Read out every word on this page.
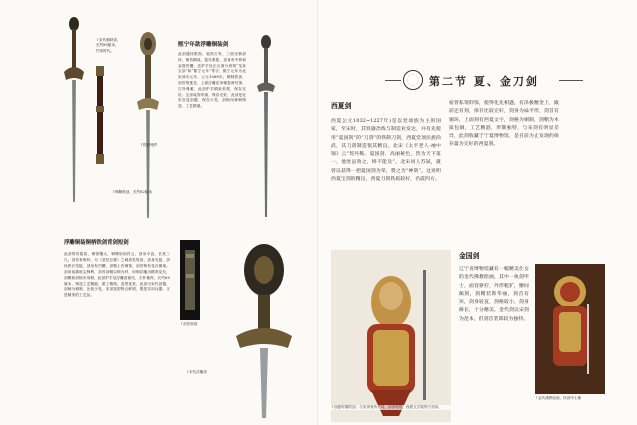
↑宋代铜铁剑，长约80厘米，约宋时代。
↑铁剑残件
熙宁年款浮雕铜装剑
此剑通体银饰，装饰古朴，三面光铜剑体，铜首精纯，铭纹系铭，剑身有中脊和双面凹槽，近护手处正反面分别刻“龙泉宝剑”和“熙宁元年”等字，熙宁元年为北宋神宗元年，公元1068年。铜制铁剑，剑首刻莲花，上面浮雕花草缠卷荷纹饰，古朴典雅，此剑护手精致美观，保存完好。宝剑装饰华丽，保存完好，此剑是北宋宫廷剑器，保存少见，剑柄用黄铜铸造，工艺精湛。
↑铜鞘铁剑，长约82厘米
浮雕铜装铜柄铁剑背剑短剑
此剑带有铭款，铜饰镶大，铜镡形如祥云，剑身平直，长其三尺。剑首有铜环，为《武经总要》之刺剑类短剑，剑身光挺，剑体狭长坚挺，剑身有凹槽，剑鞘上有铜饰，剑首铸有花卉图案。剑身前端收尖锋利，剑首剑鞘以铜为材，用铜浮雕出精美花纹，剑鞘和剑柄多用铜，此剑护手处浮雕兽面纹，古朴雄浑，长约60厘米，铸造工艺精湛，做工精细。造型优美，此剑为宋代剑器，剑柄为铜制，比较少见，宋剑造型特点鲜明，既是实用兵器，又是精美的工艺品。
↑剑首细部
↑宋代浮雕剑
第二节 夏、金刀剑
西夏剑
西夏公元1032~1227年)是以党项族为主的国家，至宋时，其铁器冶炼与制造业发达，并有先使用“夏国剑”的“刀剑”的铁制刀剑，西夏党项民族尚武，其刀剑制造很其精良，北宋《太平老人·袖中锦》云“契丹鞍、夏国剑、高丽秘色，皆为天下第一，他处虽效之，终不能及”。北宋词人苏轼，就曾以获得一把夏国剑为荣，赞之为“神剑”。这说明西夏宝剑的精良，西夏刀剑铁质较好，名震四方。
宿曾私谓仰惊，使得化先相遇，有泽极精金上，殿前还有刻，保存比较完好，剑身为扁平形，剑首有铜环，上面刻有西夏文字，剑格为铜制，剑鞘为木质包铜，工艺精湛，形制独特，与宋剑有明显差异，此剑收藏于宁夏博物馆，是目前为止发现的保存最为完好的西夏剑。
↑西夏时期的剑，与宋剑有所不同，剑身较短，西夏文字铭刻于剑身。
金国剑
辽宁省博物馆藏有一幅精美仕女的金代佛教绘画，其中一执剑甲士，面容狰狞，外形粗犷，腰间佩剑，剑鞘装饰华丽，剑首有环，剑身较直，剑格较小，剑身修长，十分精美。金代剑以宋剑为范本，但剑首装饰较为独特。
↑金代佛教绘画，执剑甲士像
